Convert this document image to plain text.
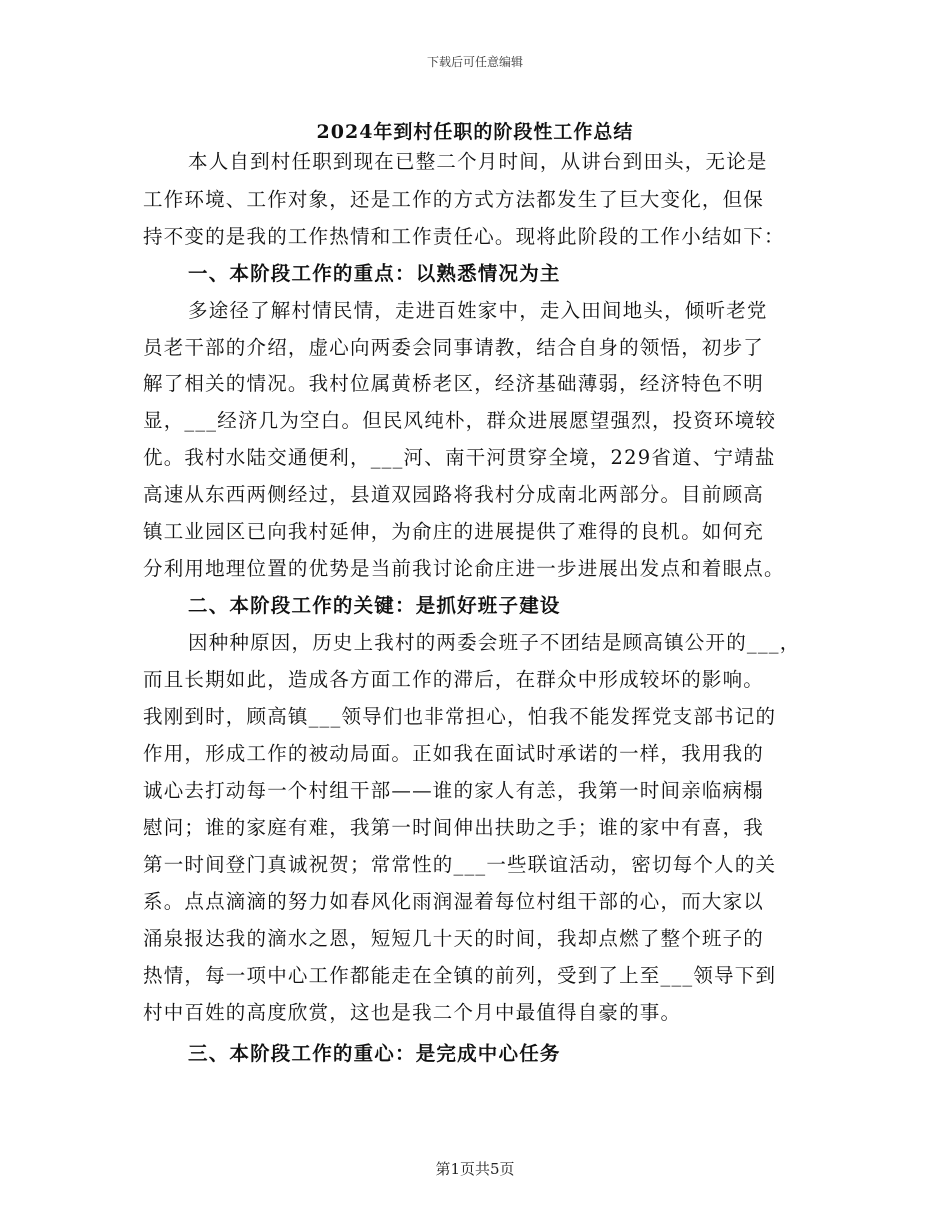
下载后可任意编辑
2024年到村任职的阶段性工作总结
本人自到村任职到现在已整二个月时间，从讲台到田头，无论是
工作环境、工作对象，还是工作的方式方法都发生了巨大变化，但保
持不变的是我的工作热情和工作责任心。现将此阶段的工作小结如下：
一、本阶段工作的重点：以熟悉情况为主
多途径了解村情民情，走进百姓家中，走入田间地头，倾听老党
员老干部的介绍，虚心向两委会同事请教，结合自身的领悟，初步了
解了相关的情况。我村位属黄桥老区，经济基础薄弱，经济特色不明
显，___经济几为空白。但民风纯朴，群众进展愿望强烈，投资环境较
优。我村水陆交通便利，___河、南干河贯穿全境，229省道、宁靖盐
高速从东西两侧经过，县道双园路将我村分成南北两部分。目前顾高
镇工业园区已向我村延伸，为俞庄的进展提供了难得的良机。如何充
分利用地理位置的优势是当前我讨论俞庄进一步进展出发点和着眼点。
二、本阶段工作的关键：是抓好班子建设
因种种原因，历史上我村的两委会班子不团结是顾高镇公开的___，
而且长期如此，造成各方面工作的滞后，在群众中形成较坏的影响。
我刚到时，顾高镇___领导们也非常担心，怕我不能发挥党支部书记的
作用，形成工作的被动局面。正如我在面试时承诺的一样，我用我的
诚心去打动每一个村组干部——谁的家人有恙，我第一时间亲临病榻
慰问；谁的家庭有难，我第一时间伸出扶助之手；谁的家中有喜，我
第一时间登门真诚祝贺；常常性的___一些联谊活动，密切每个人的关
系。点点滴滴的努力如春风化雨润湿着每位村组干部的心，而大家以
涌泉报达我的滴水之恩，短短几十天的时间，我却点燃了整个班子的
热情，每一项中心工作都能走在全镇的前列，受到了上至___领导下到
村中百姓的高度欣赏，这也是我二个月中最值得自豪的事。
三、本阶段工作的重心：是完成中心任务
第1页共5页
